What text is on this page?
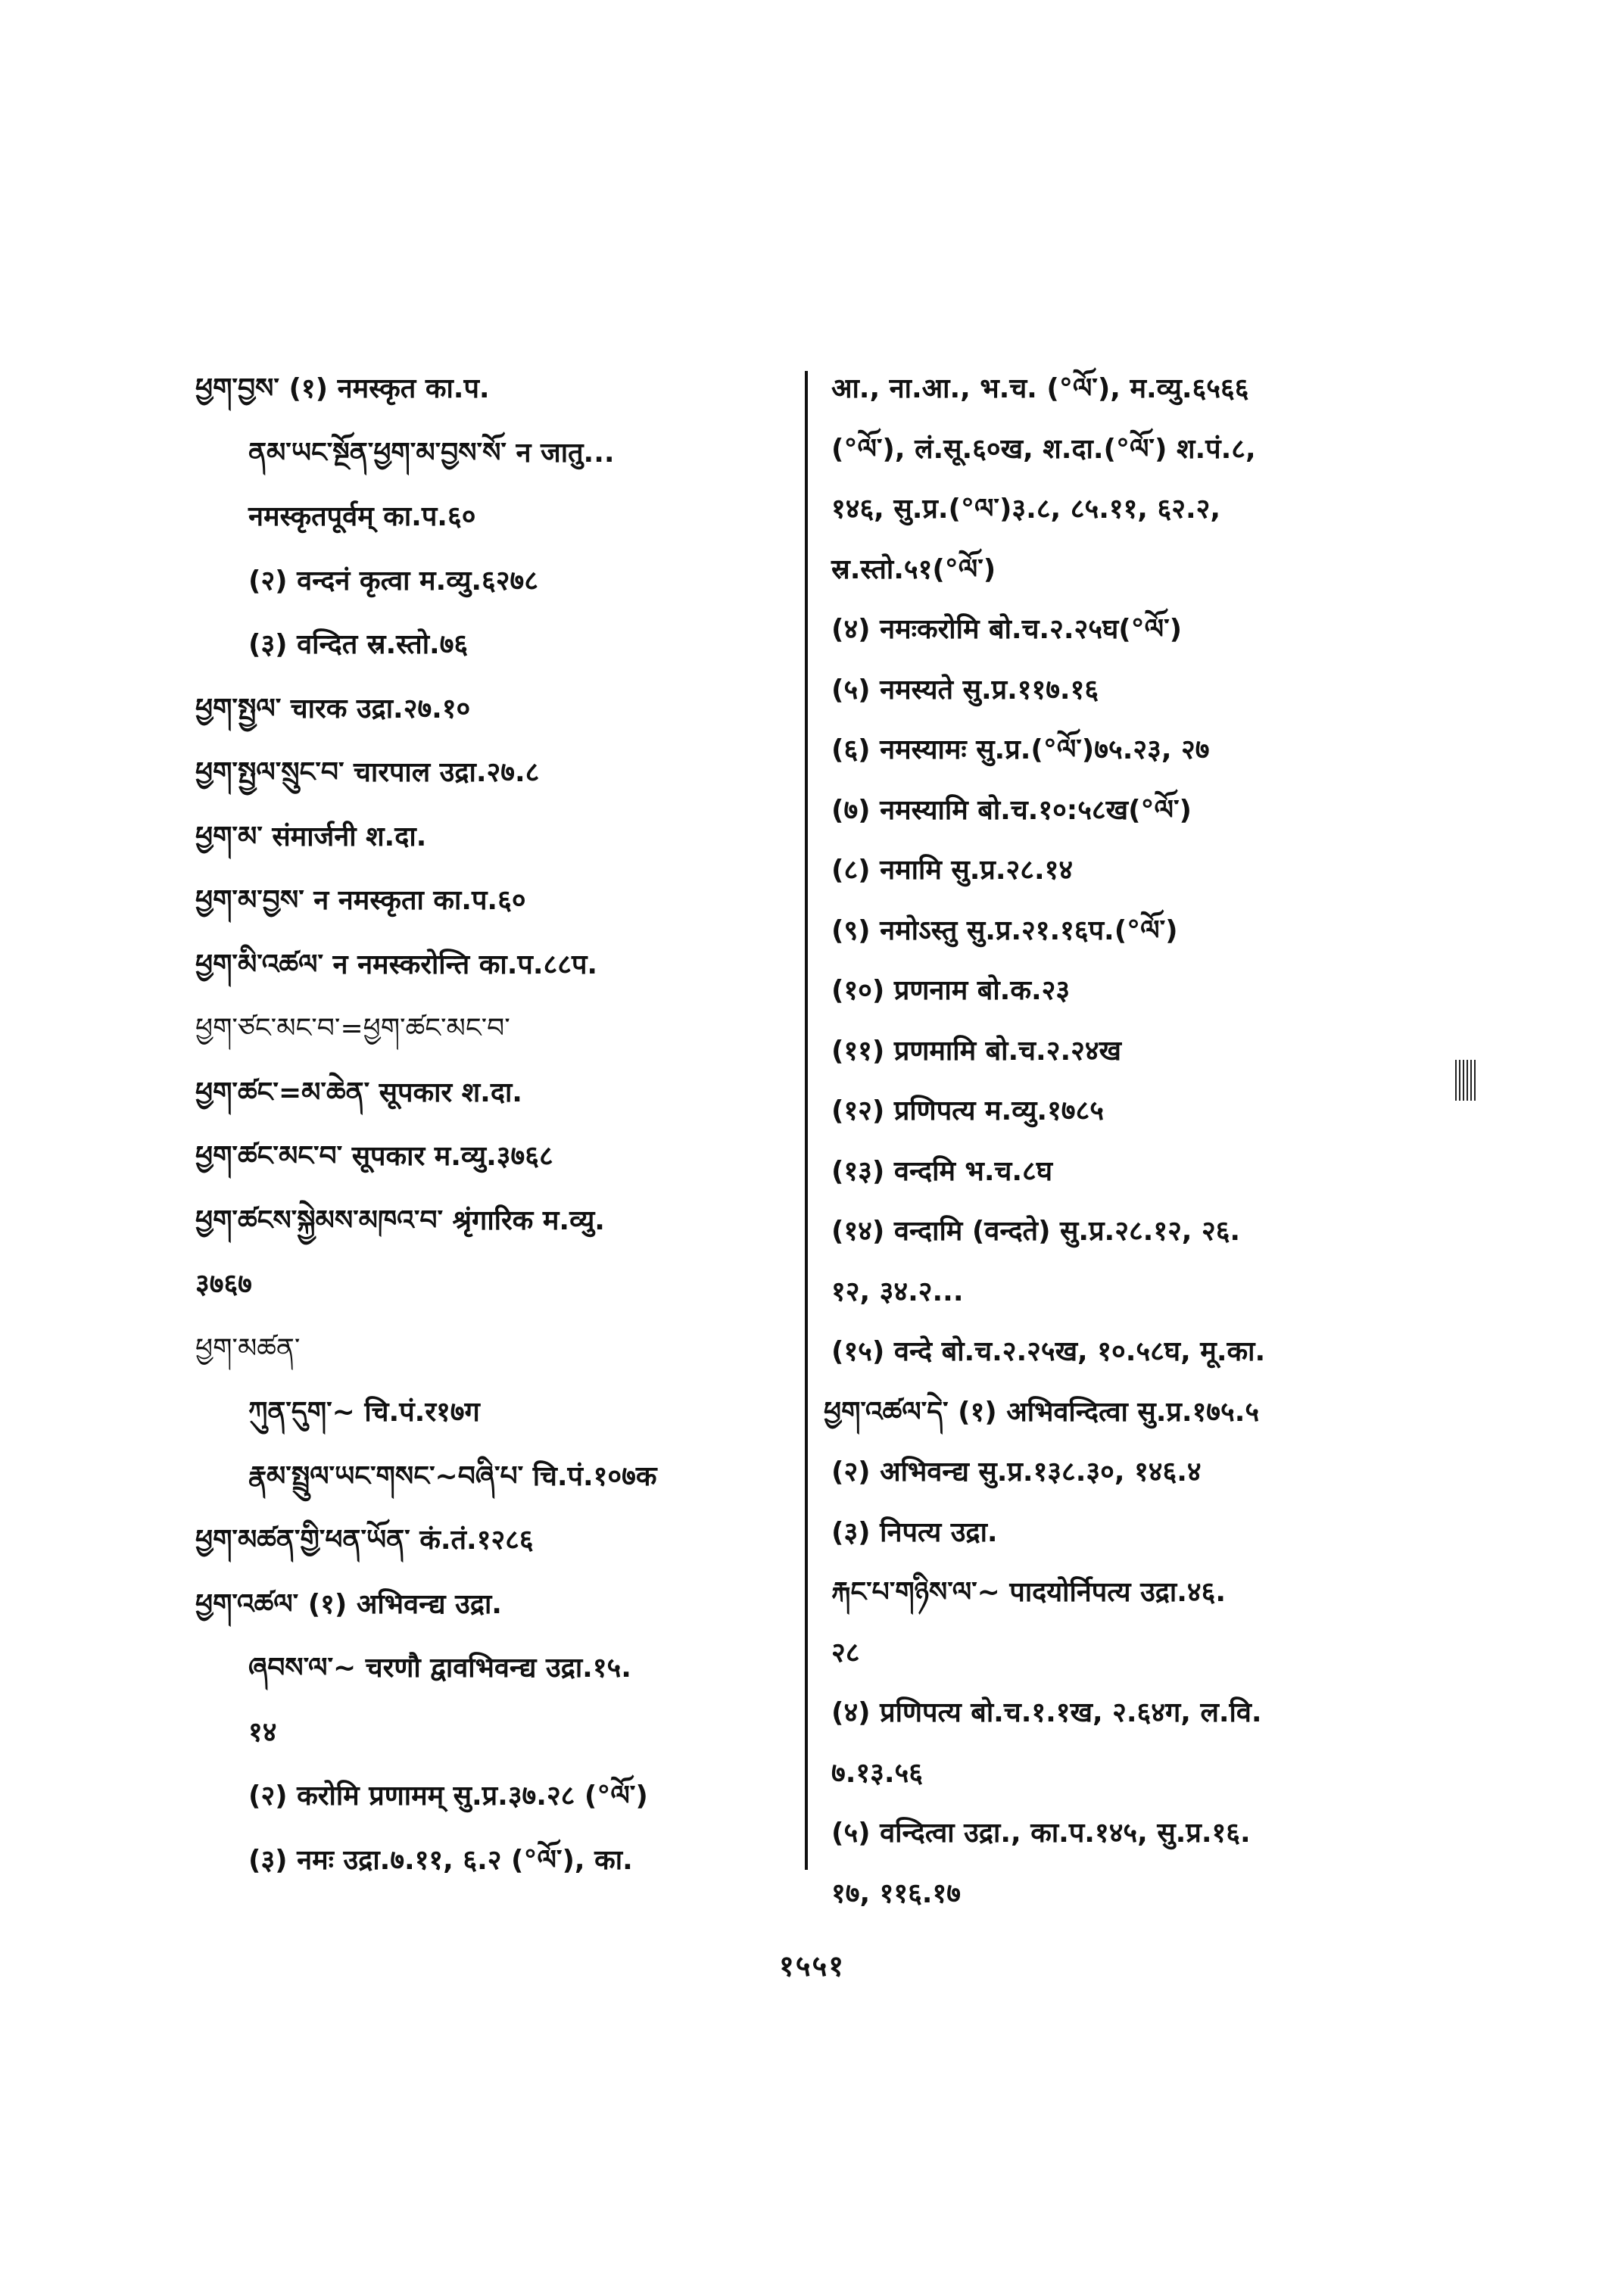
ཕྱག་བྱས་ (१) नमस्कृत का.प.
ནམ་ཡང་སྔོན་ཕྱག་མ་བྱས་སོ་ न जातु...
नमस्कृतपूर्वम् का.प.६०
(२) वन्दनं कृत्वा म.व्यु.६२७८
(३) वन्दित स्र.स्तो.७६
ཕྱག་སྤྱལ་ चारक उद्रा.२७.१०
ཕྱག་སྤྱལ་སྲུང་བ་ चारपाल उद्रा.२७.८
ཕྱག་མ་ संमार्जनी श.दा.
ཕྱག་མ་བྱས་ न नमस्कृता का.प.६०
ཕྱག་མི་འཚལ་ न नमस्करोन्ति का.प.८८प.
ཕྱག་ཙང་མང་བ་=ཕྱག་ཚང་མང་བ་
ཕྱག་ཚང་=མ་ཆེན་ सूपकार श.दा.
ཕྱག་ཚང་མང་བ་ सूपकार म.व्यु.३७६८
ཕྱག་ཚངས་སྐྱེམས་མཁའ་བ་ श्रृंगारिक म.व्यु.
३७६७
ཕྱག་མཚན་
ཀུན་དུག་~ चि.पं.र१७ग
རྣམ་སྤྲུལ་ཡང་གསང་~བཞི་པ་ चि.पं.१०७क
ཕྱག་མཚན་གྱི་ཕན་ཡོན་ कं.तं.१२८६
ཕྱག་འཚལ་ (१) अभिवन्द्य उद्रा.
ཞབས་ལ་~ चरणौ द्वावभिवन्द्य उद्रा.१५.
१४
(२) करोमि प्रणामम् सु.प्र.३७.२८ (°ལོ་)
(३) नमः उद्रा.७.११, ६.२ (°ལོ་), का.
आ., ना.आ., भ.च. (°ལོ་), म.व्यु.६५६६
(°ལོ་), लं.सू.६०ख, श.दा.(°ལོ་) श.पं.८,
१४६, सु.प्र.(°ལ་)३.८, ८५.११, ६२.२,
स्र.स्तो.५१(°ལོ་)
(४) नमःकरोमि बो.च.२.२५घ(°ལོ་)
(५) नमस्यते सु.प्र.११७.१६
(६) नमस्यामः सु.प्र.(°ལོ་)७५.२३, २७
(७) नमस्यामि बो.च.१०:५८ख(°ལོ་)
(८) नमामि सु.प्र.२८.१४
(९) नमोऽस्तु सु.प्र.२१.१६प.(°ལོ་)
(१०) प्रणनाम बो.क.२३
(११) प्रणमामि बो.च.२.२४ख
(१२) प्रणिपत्य म.व्यु.१७८५
(१३) वन्दमि भ.च.८घ
(१४) वन्दामि (वन्दते) सु.प्र.२८.१२, २६.
१२, ३४.२...
(१५) वन्दे बो.च.२.२५ख, १०.५८घ, मू.का.
ཕྱག་འཚལ་དེ་ (१) अभिवन्दित्वा सु.प्र.१७५.५
(२) अभिवन्द्य सु.प्र.१३८.३०, १४६.४
(३) निपत्य उद्रा.
རྐང་པ་གཉིས་ལ་~ पादयोर्निपत्य उद्रा.४६.
२८
(४) प्रणिपत्य बो.च.१.१ख, २.६४ग, ल.वि.
७.१३.५६
(५) वन्दित्वा उद्रा., का.प.१४५, सु.प्र.१६.
१७, ११६.१७
१५५१
